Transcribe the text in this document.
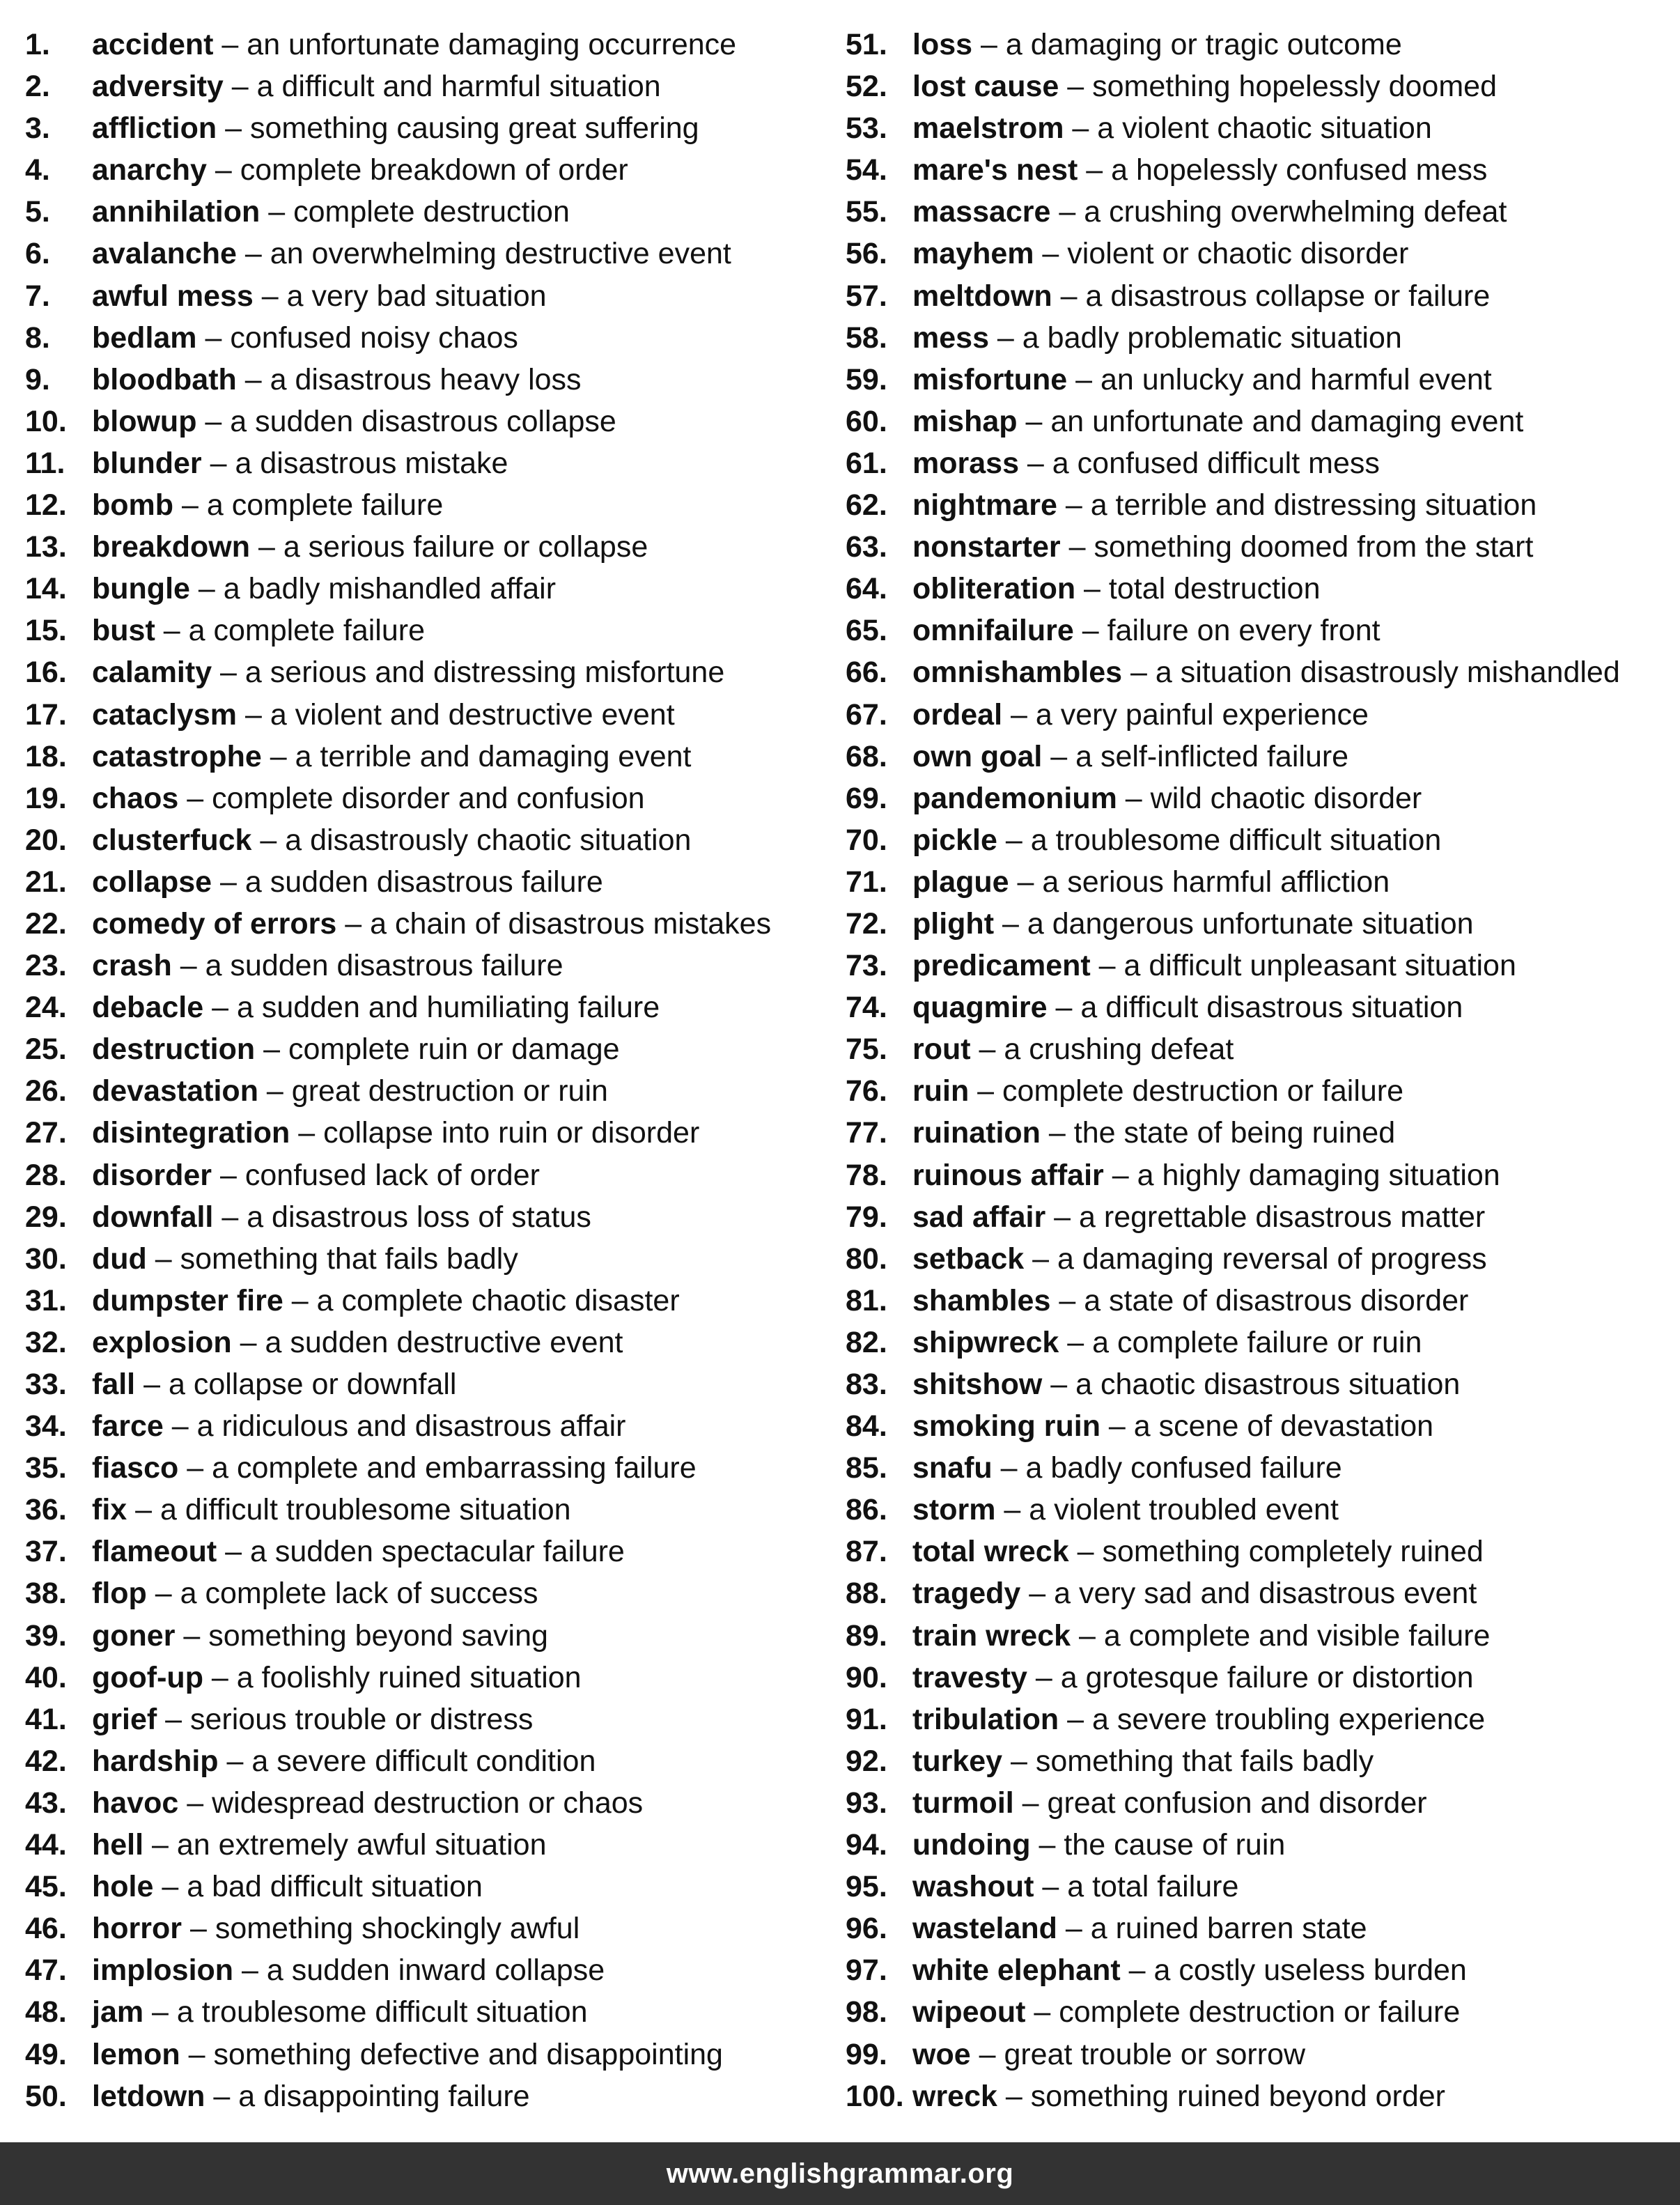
1.	accident – an unfortunate damaging occurrence
2.	adversity – a difficult and harmful situation
3.	affliction – something causing great suffering
4.	anarchy – complete breakdown of order
5.	annihilation – complete destruction
6.	avalanche – an overwhelming destructive event
7.	awful mess – a very bad situation
8.	bedlam – confused noisy chaos
9.	bloodbath – a disastrous heavy loss
10. blowup – a sudden disastrous collapse
11. blunder – a disastrous mistake
12. bomb – a complete failure
13. breakdown – a serious failure or collapse
14. bungle – a badly mishandled affair
15. bust – a complete failure
16. calamity – a serious and distressing misfortune
17. cataclysm – a violent and destructive event
18. catastrophe – a terrible and damaging event
19. chaos – complete disorder and confusion
20. clusterfuck – a disastrously chaotic situation
21. collapse – a sudden disastrous failure
22. comedy of errors – a chain of disastrous mistakes
23. crash – a sudden disastrous failure
24. debacle – a sudden and humiliating failure
25. destruction – complete ruin or damage
26. devastation – great destruction or ruin
27. disintegration – collapse into ruin or disorder
28. disorder – confused lack of order
29. downfall – a disastrous loss of status
30. dud – something that fails badly
31. dumpster fire – a complete chaotic disaster
32. explosion – a sudden destructive event
33. fall – a collapse or downfall
34. farce – a ridiculous and disastrous affair
35. fiasco – a complete and embarrassing failure
36. fix – a difficult troublesome situation
37. flameout – a sudden spectacular failure
38. flop – a complete lack of success
39. goner – something beyond saving
40. goof-up – a foolishly ruined situation
41. grief – serious trouble or distress
42. hardship – a severe difficult condition
43. havoc – widespread destruction or chaos
44. hell – an extremely awful situation
45. hole – a bad difficult situation
46. horror – something shockingly awful
47. implosion – a sudden inward collapse
48. jam – a troublesome difficult situation
49. lemon – something defective and disappointing
50. letdown – a disappointing failure
51. loss – a damaging or tragic outcome
52. lost cause – something hopelessly doomed
53. maelstrom – a violent chaotic situation
54. mare's nest – a hopelessly confused mess
55. massacre – a crushing overwhelming defeat
56. mayhem – violent or chaotic disorder
57. meltdown – a disastrous collapse or failure
58. mess – a badly problematic situation
59. misfortune – an unlucky and harmful event
60. mishap – an unfortunate and damaging event
61. morass – a confused difficult mess
62. nightmare – a terrible and distressing situation
63. nonstarter – something doomed from the start
64. obliteration – total destruction
65. omnifailure – failure on every front
66. omnishambles – a situation disastrously mishandled
67. ordeal – a very painful experience
68. own goal – a self-inflicted failure
69. pandemonium – wild chaotic disorder
70. pickle – a troublesome difficult situation
71. plague – a serious harmful affliction
72. plight – a dangerous unfortunate situation
73. predicament – a difficult unpleasant situation
74. quagmire – a difficult disastrous situation
75. rout – a crushing defeat
76. ruin – complete destruction or failure
77. ruination – the state of being ruined
78. ruinous affair – a highly damaging situation
79. sad affair – a regrettable disastrous matter
80. setback – a damaging reversal of progress
81. shambles – a state of disastrous disorder
82. shipwreck – a complete failure or ruin
83. shitshow – a chaotic disastrous situation
84. smoking ruin – a scene of devastation
85. snafu – a badly confused failure
86. storm – a violent troubled event
87. total wreck – something completely ruined
88. tragedy – a very sad and disastrous event
89. train wreck – a complete and visible failure
90. travesty – a grotesque failure or distortion
91. tribulation – a severe troubling experience
92. turkey – something that fails badly
93. turmoil – great confusion and disorder
94. undoing – the cause of ruin
95. washout – a total failure
96. wasteland – a ruined barren state
97. white elephant – a costly useless burden
98. wipeout – complete destruction or failure
99. woe – great trouble or sorrow
100. wreck – something ruined beyond order
www.englishgrammar.org
